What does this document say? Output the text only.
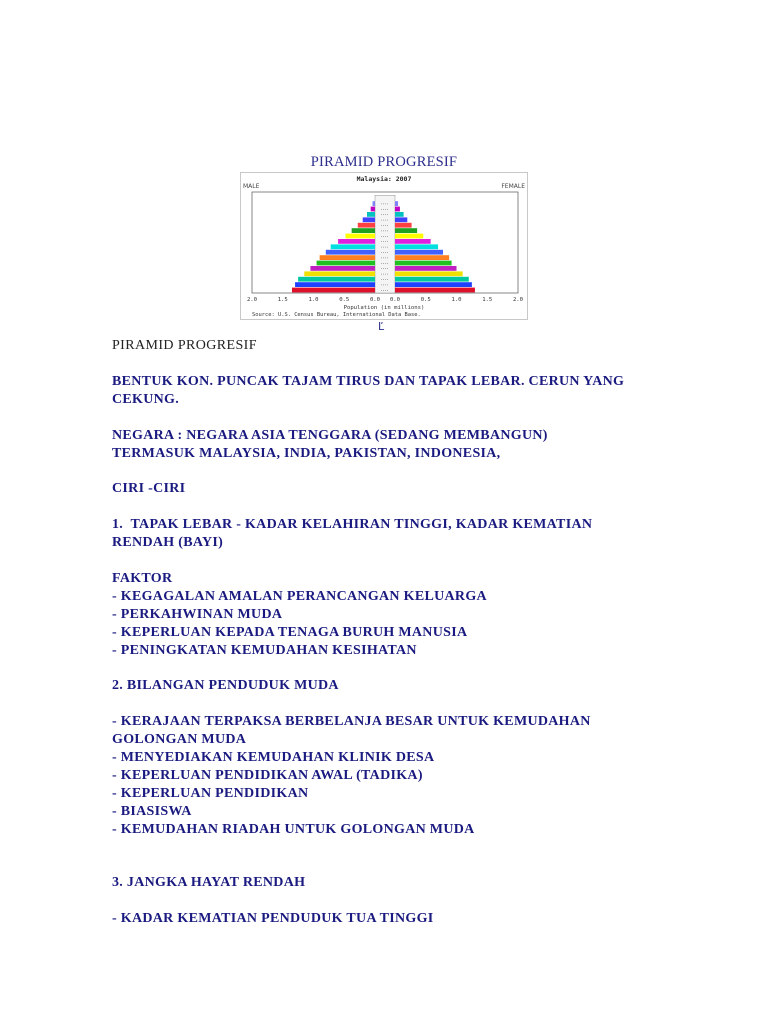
PIRAMID PROGRESIF
Malaysia: 2007
MALE	FEMALE
2.0	1.5	1.0	0.5	0.0 0.0	0.5	1.0	1.5	2.0
Population (in millions)
Source: U.S. Census Bureau, International Data Base.
Ľ
PIRAMID PROGRESIF
BENTUK KON. PUNCAK TAJAM TIRUS DAN TAPAK LEBAR. CERUN YANG
CEKUNG.
NEGARA : NEGARA ASIA TENGGARA (SEDANG MEMBANGUN)
TERMASUK MALAYSIA, INDIA, PAKISTAN, INDONESIA,
CIRI -CIRI
1.  TAPAK LEBAR - KADAR KELAHIRAN TINGGI, KADAR KEMATIAN
RENDAH (BAYI)
FAKTOR
- KEGAGALAN AMALAN PERANCANGAN KELUARGA
- PERKAHWINAN MUDA
- KEPERLUAN KEPADA TENAGA BURUH MANUSIA
- PENINGKATAN KEMUDAHAN KESIHATAN
2. BILANGAN PENDUDUK MUDA
- KERAJAAN TERPAKSA BERBELANJA BESAR UNTUK KEMUDAHAN
GOLONGAN MUDA
- MENYEDIAKAN KEMUDAHAN KLINIK DESA
- KEPERLUAN PENDIDIKAN AWAL (TADIKA)
- KEPERLUAN PENDIDIKAN
- BIASISWA
- KEMUDAHAN RIADAH UNTUK GOLONGAN MUDA
3. JANGKA HAYAT RENDAH
- KADAR KEMATIAN PENDUDUK TUA TINGGI
